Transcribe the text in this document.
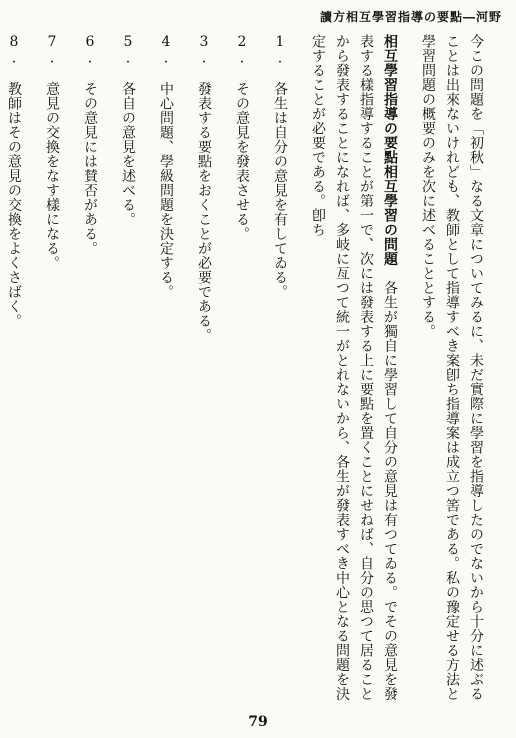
讀方相互學習指導の要點―河野
今この問題を「初秋」なる文章についてみるに、未だ實際に學習を指導したのでないから十分に述ぶることは出來ないけれども、教師として指導すべき案卽ち指導案は成立つ筈である。私の豫定せる方法と學習問題の概要のみを次に述べることとする。
相互學習指導の要點相互學習の問題　各生が獨自に學習して自分の意見は有つてゐる。でその意見を發表する樣指導することが第一で、次には發表する上に要點を置くことにせねば、自分の思つて居ることから發表することになれば、多岐に亙つて統一がとれないから、各生が發表すべき中心となる問題を決定することが必要である。卽ち
1.　各生は自分の意見を有してゐる。
2.　その意見を發表させる。
3.　發表する要點をおくことが必要である。
4.　中心問題、學級問題を決定する。
5.　各自の意見を述べる。
6.　その意見には賛否がある。
7.　意見の交換をなす樣になる。
8.　教師はその意見の交換をよくさばく。

79
